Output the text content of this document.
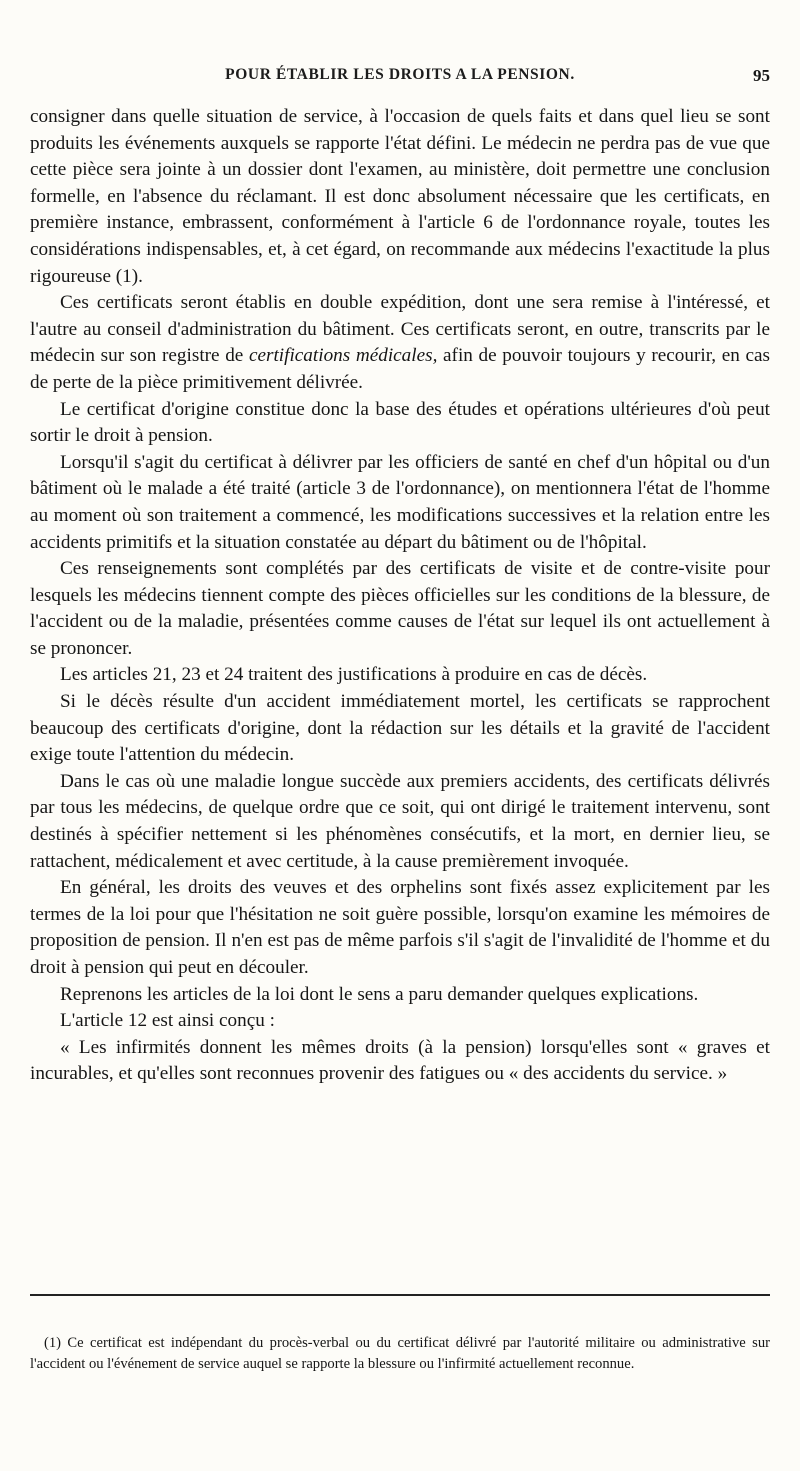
POUR ÉTABLIR LES DROITS A LA PENSION.	95

consigner dans quelle situation de service, à l'occasion de quels faits et dans quel lieu se sont produits les événements auxquels se rapporte l'état défini. Le médecin ne perdra pas de vue que cette pièce sera jointe à un dossier dont l'examen, au ministère, doit permettre une conclusion formelle, en l'absence du réclamant. Il est donc absolument nécessaire que les certificats, en première instance, embrassent, conformément à l'article 6 de l'ordonnance royale, toutes les considérations indispensables, et, à cet égard, on recommande aux médecins l'exactitude la plus rigoureuse (1).

Ces certificats seront établis en double expédition, dont une sera remise à l'intéressé, et l'autre au conseil d'administration du bâtiment. Ces certificats seront, en outre, transcrits par le médecin sur son registre de certifications médicales, afin de pouvoir toujours y recourir, en cas de perte de la pièce primitivement délivrée.

Le certificat d'origine constitue donc la base des études et opérations ultérieures d'où peut sortir le droit à pension.

Lorsqu'il s'agit du certificat à délivrer par les officiers de santé en chef d'un hôpital ou d'un bâtiment où le malade a été traité (article 3 de l'ordonnance), on mentionnera l'état de l'homme au moment où son traitement a commencé, les modifications successives et la relation entre les accidents primitifs et la situation constatée au départ du bâtiment ou de l'hôpital.

Ces renseignements sont complétés par des certificats de visite et de contre-visite pour lesquels les médecins tiennent compte des pièces officielles sur les conditions de la blessure, de l'accident ou de la maladie, présentées comme causes de l'état sur lequel ils ont actuellement à se prononcer.

Les articles 21, 23 et 24 traitent des justifications à produire en cas de décès.

Si le décès résulte d'un accident immédiatement mortel, les certificats se rapprochent beaucoup des certificats d'origine, dont la rédaction sur les détails et la gravité de l'accident exige toute l'attention du médecin.

Dans le cas où une maladie longue succède aux premiers accidents, des certificats délivrés par tous les médecins, de quelque ordre que ce soit, qui ont dirigé le traitement intervenu, sont destinés à spécifier nettement si les phénomènes consécutifs, et la mort, en dernier lieu, se rattachent, médicalement et avec certitude, à la cause premièrement invoquée.

En général, les droits des veuves et des orphelins sont fixés assez explicitement par les termes de la loi pour que l'hésitation ne soit guère possible, lorsqu'on examine les mémoires de proposition de pension. Il n'en est pas de même parfois s'il s'agit de l'invalidité de l'homme et du droit à pension qui peut en découler.

Reprenons les articles de la loi dont le sens a paru demander quelques explications.

L'article 12 est ainsi conçu :

« Les infirmités donnent les mêmes droits (à la pension) lorsqu'elles sont « graves et incurables, et qu'elles sont reconnues provenir des fatigues ou « des accidents du service. »

(1) Ce certificat est indépendant du procès-verbal ou du certificat délivré par l'autorité militaire ou administrative sur l'accident ou l'événement de service auquel se rapporte la blessure ou l'infirmité actuellement reconnue.
